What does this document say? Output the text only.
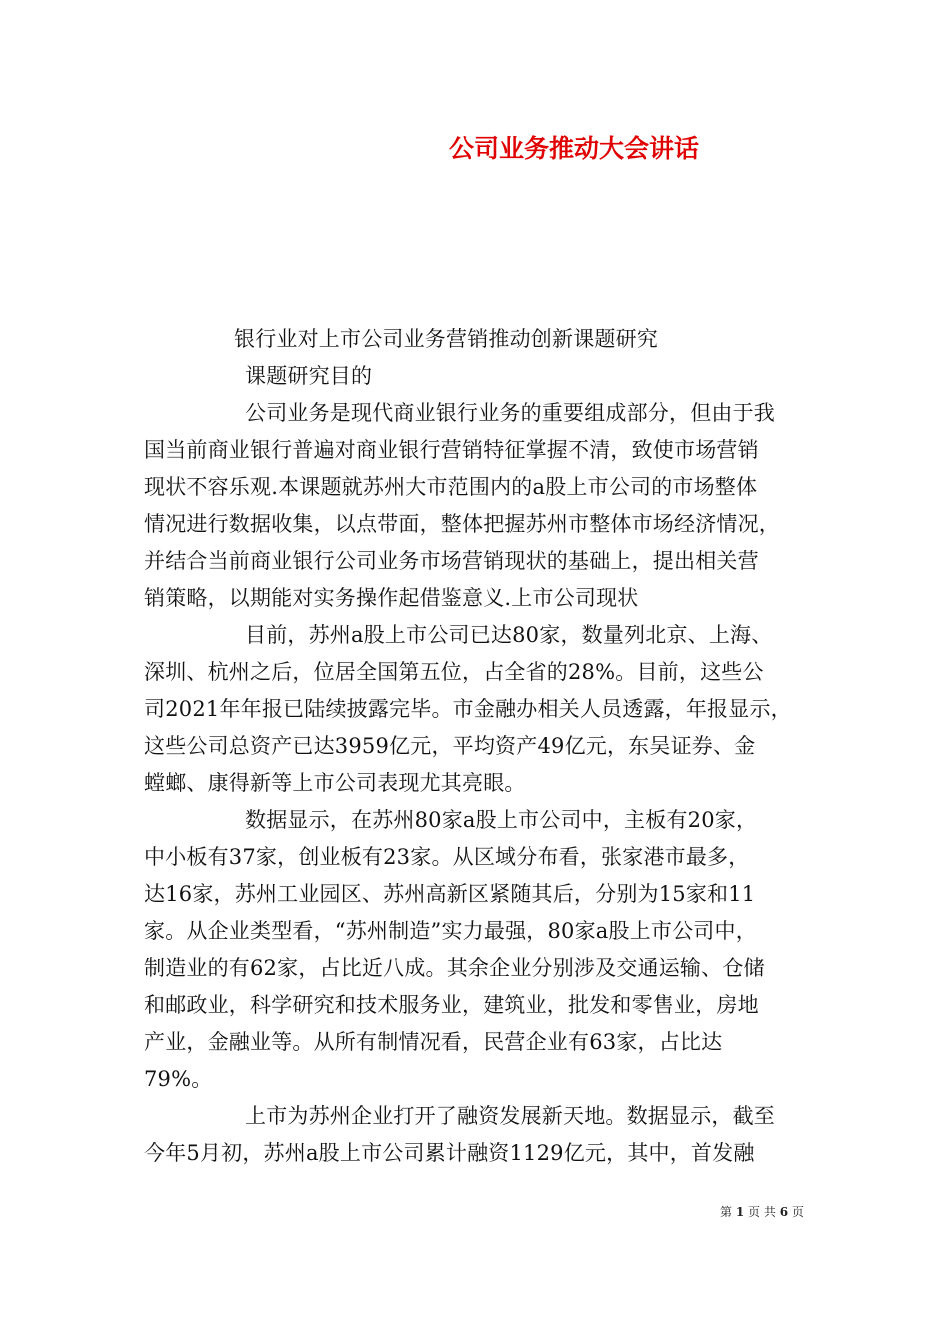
公司业务推动大会讲话

银行业对上市公司业务营销推动创新课题研究

课题研究目的

公司业务是现代商业银行业务的重要组成部分，但由于我

国当前商业银行普遍对商业银行营销特征掌握不清，致使市场营销

现状不容乐观.本课题就苏州大市范围内的a股上市公司的市场整体

情况进行数据收集，以点带面，整体把握苏州市整体市场经济情况，

并结合当前商业银行公司业务市场营销现状的基础上，提出相关营

销策略，以期能对实务操作起借鉴意义.上市公司现状

目前，苏州a股上市公司已达80家，数量列北京、上海、

深圳、杭州之后，位居全国第五位，占全省的28%。目前，这些公

司2021年年报已陆续披露完毕。市金融办相关人员透露，年报显示，

这些公司总资产已达3959亿元，平均资产49亿元，东吴证券、金

螳螂、康得新等上市公司表现尤其亮眼。

数据显示，在苏州80家a股上市公司中，主板有20家，

中小板有37家，创业板有23家。从区域分布看，张家港市最多，

达16家，苏州工业园区、苏州高新区紧随其后，分别为15家和11

家。从企业类型看，“苏州制造”实力最强，80家a股上市公司中，

制造业的有62家，占比近八成。其余企业分别涉及交通运输、仓储

和邮政业，科学研究和技术服务业，建筑业，批发和零售业，房地

产业，金融业等。从所有制情况看，民营企业有63家，占比达

79%。

上市为苏州企业打开了融资发展新天地。数据显示，截至

今年5月初，苏州a股上市公司累计融资1129亿元，其中，首发融

第 1 页 共 6 页
